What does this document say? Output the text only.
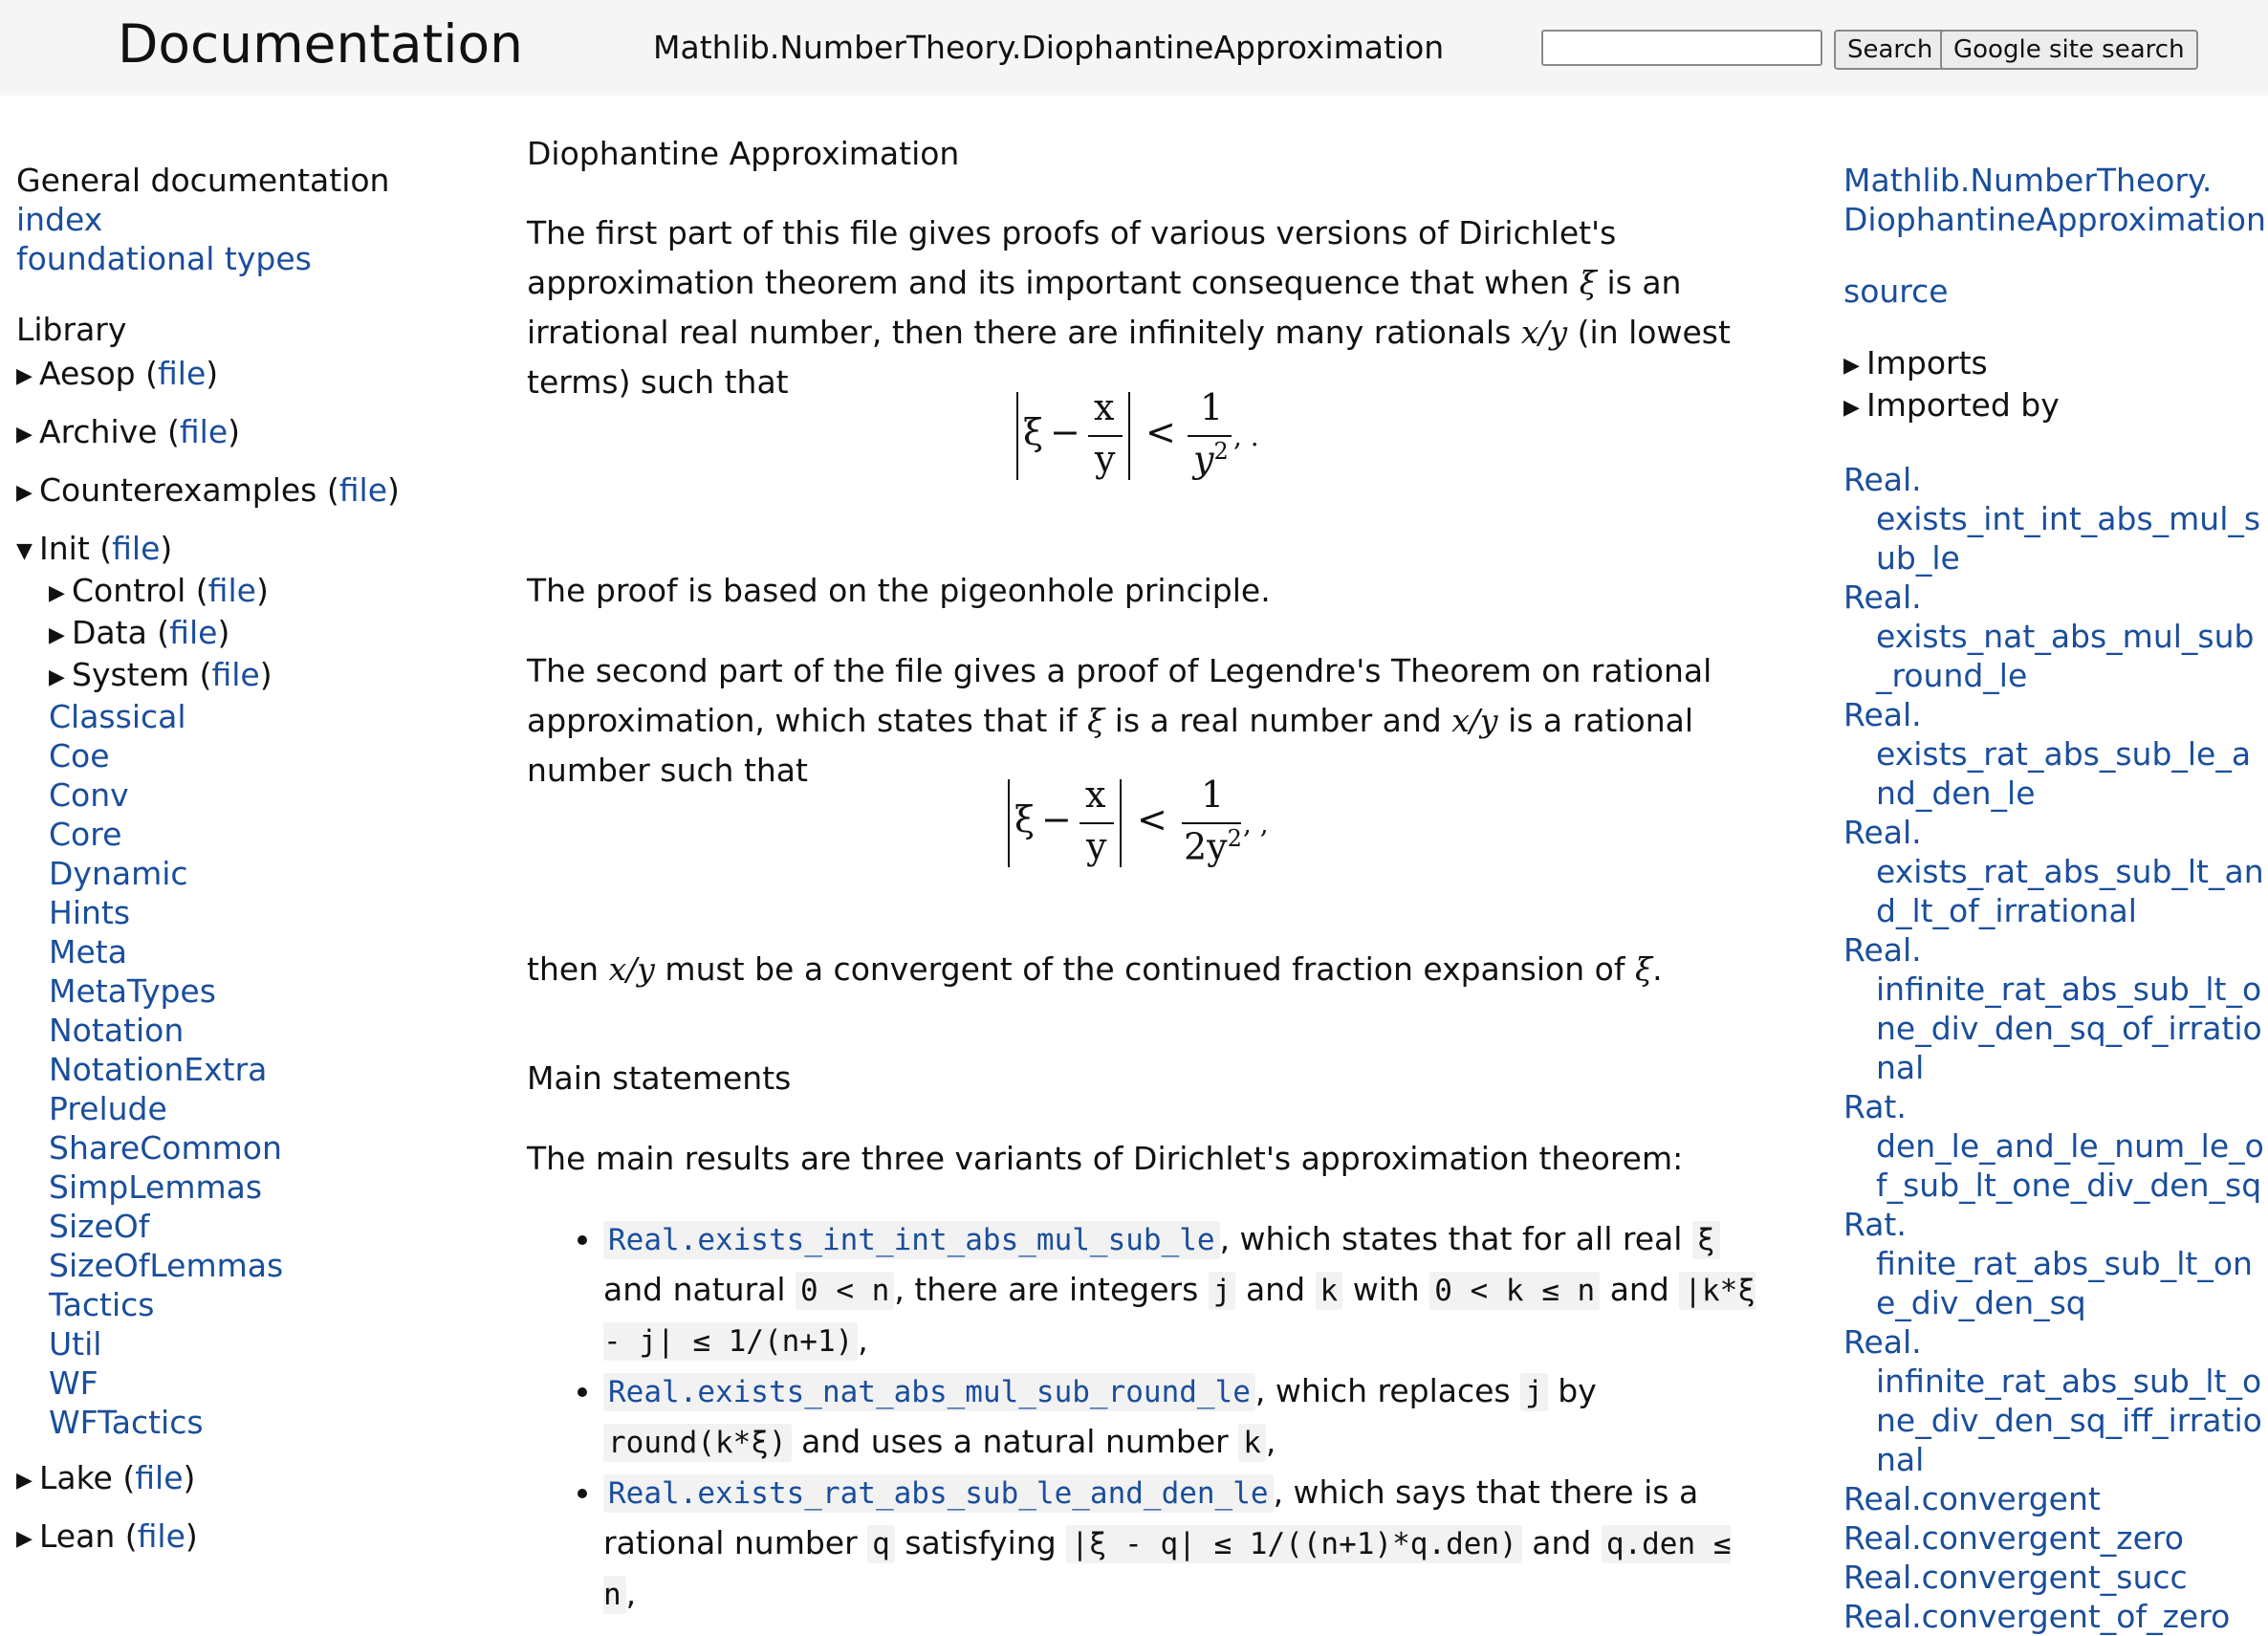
Documentation	Mathlib.NumberTheory.DiophantineApproximation	Search Google site search
General documentation
index
foundational types
Library
▶ Aesop (file)
▶ Archive (file)
▶ Counterexamples (file)
▼ Init (file)
▶ Control (file)
▶ Data (file)
▶ System (file)
Classical
Coe
Conv
Core
Dynamic
Hints
Meta
MetaTypes
Notation
NotationExtra
Prelude
ShareCommon
SimpLemmas
SizeOf
SizeOfLemmas
Tactics
Util
WF
WFTactics
▶ Lake (file)
▶ Lean (file)
Diophantine Approximation

The first part of this file gives proofs of various versions of Dirichlet's approximation theorem and its important consequence that when ξ is an irrational real number, then there are infinitely many rationals x/y (in lowest terms) such that

The proof is based on the pigeonhole principle.

The second part of the file gives a proof of Legendre's Theorem on rational approximation, which states that if ξ is a real number and x/y is a rational number such that

then x/y must be a convergent of the continued fraction expansion of ξ.

Main statements

The main results are three variants of Dirichlet's approximation theorem:

• Real.exists_int_int_abs_mul_sub_le , which states that for all real ξ and natural 0 < n , there are integers j and k with 0 < k ≤ n and |k*ξ - j| ≤ 1/(n+1) ,
• Real.exists_nat_abs_mul_sub_round_le , which replaces j by round(k*ξ) and uses a natural number k ,
• Real.exists_rat_abs_sub_le_and_den_le , which says that there is a rational number q satisfying |ξ - q| ≤ 1/((n+1)*q.den) and q.den ≤ n ,
ξ −
x
y
<
1
$y^2$ , .
ξ −
x
y
<
1
$2y^2$ , ,
Mathlib.NumberTheory.
DiophantineApproximation
source
▶ Imports
▶ Imported by
Real.
exists_int_int_abs_mul_sub_le
Real.
exists_nat_abs_mul_sub_round_le
Real.
exists_rat_abs_sub_le_and_den_le
Real.
exists_rat_abs_sub_lt_and_lt_of_irrational
Real.
infinite_rat_abs_sub_lt_one_div_den_sq_of_irrational
Rat.
den_le_and_le_num_le_of_sub_lt_one_div_den_sq
Rat.
finite_rat_abs_sub_lt_one_div_den_sq
Real.
infinite_rat_abs_sub_lt_one_div_den_sq_iff_irrational
Real.convergent
Real.convergent_zero
Real.convergent_succ
Real.convergent_of_zero
